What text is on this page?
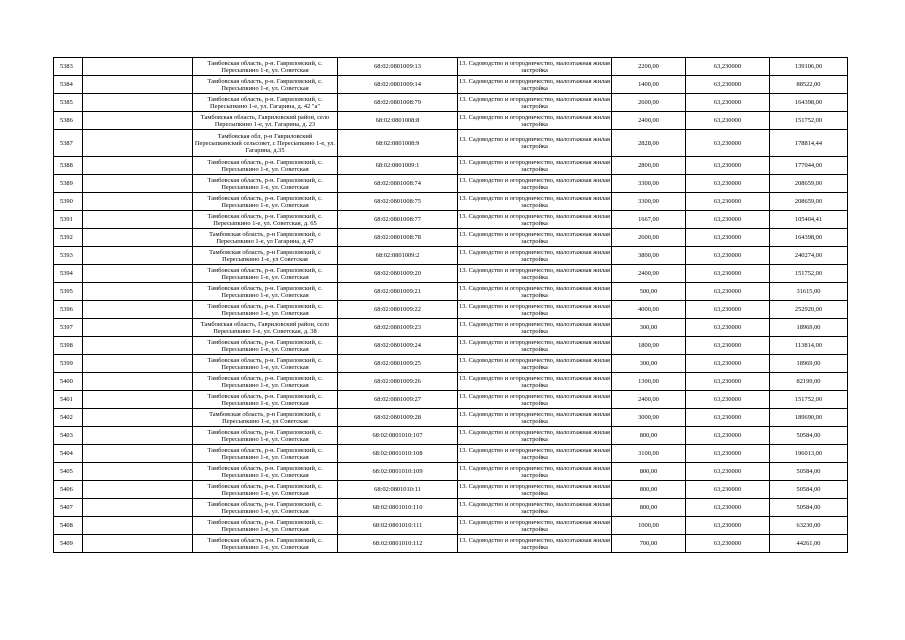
5383		Тамбовская область, р-н. Гавриловский, с. Пересыпкино 1-е, ул. Советская	68:02:0801009:13	13. Садоводство и огородничество, малоэтажная жилая застройка	2200,00	63,230000	139106,00
5384		Тамбовская область, р-н. Гавриловский, с. Пересыпкино 1-е, ул. Советская	68:02:0801009:14	13. Садоводство и огородничество, малоэтажная жилая застройка	1400,00	63,230000	88522,00
5385		Тамбовская область, р-н. Гавриловский, с. Пересыпкино 1-е, ул. Гагарина, д. 42 "а"	68:02:0801008:79	13. Садоводство и огородничество, малоэтажная жилая застройка	2600,00	63,230000	164398,00
5386		Тамбовская область, Гавриловский район, село Пересыпкино 1-е, ул. Гагарина, д. 23	68:02:0801008:8	13. Садоводство и огородничество, малоэтажная жилая застройка	2400,00	63,230000	151752,00
5387		Тамбовская обл, р-н Гавриловский Пересыпкинский сельсовет, с Пересыпкино 1-е, ул. Гагарина, д.35	68:02:0801008:9	13. Садоводство и огородничество, малоэтажная жилая застройка	2828,00	63,230000	178814,44
5388		Тамбовская область, р-н. Гавриловский, с. Пересыпкино 1-е, ул. Советская	68:02:0801009:1	13. Садоводство и огородничество, малоэтажная жилая застройка	2800,00	63,230000	177044,00
5389		Тамбовская область, р-н. Гавриловский, с. Пересыпкино 1-е, ул. Советская	68:02:0801008:74	13. Садоводство и огородничество, малоэтажная жилая застройка	3300,00	63,230000	208659,00
5390		Тамбовская область, р-н. Гавриловский, с. Пересыпкино 1-е, ул. Советская	68:02:0801008:75	13. Садоводство и огородничество, малоэтажная жилая застройка	3300,00	63,230000	208659,00
5391		Тамбовская область, р-н. Гавриловский, с. Пересыпкино 1-е, ул. Советская, д. 65	68:02:0801008:77	13. Садоводство и огородничество, малоэтажная жилая застройка	1667,00	63,230000	105404,41
5392		Тамбовская область, р-н Гавриловский, с Пересыпкино 1-е, ул Гагарина, д 47	68:02:0801008:78	13. Садоводство и огородничество, малоэтажная жилая застройка	2600,00	63,230000	164398,00
5393		Тамбовская область, р-н Гавриловский, с Пересыпкино 1-е, ул Советская	68:02:0801009:2	13. Садоводство и огородничество, малоэтажная жилая застройка	3800,00	63,230000	240274,00
5394		Тамбовская область, р-н. Гавриловский, с. Пересыпкино 1-е, ул. Советская	68:02:0801009:20	13. Садоводство и огородничество, малоэтажная жилая застройка	2400,00	63,230000	151752,00
5395		Тамбовская область, р-н. Гавриловский, с. Пересыпкино 1-е, ул. Советская	68:02:0801009:21	13. Садоводство и огородничество, малоэтажная жилая застройка	500,00	63,230000	31615,00
5396		Тамбовская область, р-н. Гавриловский, с. Пересыпкино 1-е, ул. Советская	68:02:0801009:22	13. Садоводство и огородничество, малоэтажная жилая застройка	4000,00	63,230000	252920,00
5397		Тамбовская область, Гавриловский район, село Пересыпкино 1-е, ул. Советская, д. 38	68:02:0801009:23	13. Садоводство и огородничество, малоэтажная жилая застройка	300,00	63,230000	18969,00
5398		Тамбовская область, р-н. Гавриловский, с. Пересыпкино 1-е, ул. Советская	68:02:0801009:24	13. Садоводство и огородничество, малоэтажная жилая застройка	1800,00	63,230000	113814,00
5399		Тамбовская область, р-н. Гавриловский, с. Пересыпкино 1-е, ул. Советская	68:02:0801009:25	13. Садоводство и огородничество, малоэтажная жилая застройка	300,00	63,230000	18969,00
5400		Тамбовская область, р-н. Гавриловский, с. Пересыпкино 1-е, ул. Советская	68:02:0801009:26	13. Садоводство и огородничество, малоэтажная жилая застройка	1300,00	63,230000	82199,00
5401		Тамбовская область, р-н. Гавриловский, с. Пересыпкино 1-е, ул. Советская	68:02:0801009:27	13. Садоводство и огородничество, малоэтажная жилая застройка	2400,00	63,230000	151752,00
5402		Тамбовская область, р-н Гавриловский, с Пересыпкино 1-е, ул Советская	68:02:0801009:28	13. Садоводство и огородничество, малоэтажная жилая застройка	3000,00	63,230000	189690,00
5403		Тамбовская область, р-н. Гавриловский, с. Пересыпкино 1-е, ул. Советская	68:02:0801010:107	13. Садоводство и огородничество, малоэтажная жилая застройка	800,00	63,230000	50584,00
5404		Тамбовская область, р-н. Гавриловский, с. Пересыпкино 1-е, ул. Советская	68:02:0801010:108	13. Садоводство и огородничество, малоэтажная жилая застройка	3100,00	63,230000	196013,00
5405		Тамбовская область, р-н. Гавриловский, с. Пересыпкино 1-е, ул. Советская	68:02:0801010:109	13. Садоводство и огородничество, малоэтажная жилая застройка	800,00	63,230000	50584,00
5406		Тамбовская область, р-н. Гавриловский, с. Пересыпкино 1-е, ул. Советская	68:02:0801010:11	13. Садоводство и огородничество, малоэтажная жилая застройка	800,00	63,230000	50584,00
5407		Тамбовская область, р-н. Гавриловский, с. Пересыпкино 1-е, ул. Советская	68:02:0801010:110	13. Садоводство и огородничество, малоэтажная жилая застройка	800,00	63,230000	50584,00
5408		Тамбовская область, р-н. Гавриловский, с. Пересыпкино 1-е, ул. Советская	68:02:0801010:111	13. Садоводство и огородничество, малоэтажная жилая застройка	1000,00	63,230000	63230,00
5409		Тамбовская область, р-н. Гавриловский, с. Пересыпкино 1-е, ул. Советская	68:02:0801010:112	13. Садоводство и огородничество, малоэтажная жилая застройка	700,00	63,230000	44261,00
